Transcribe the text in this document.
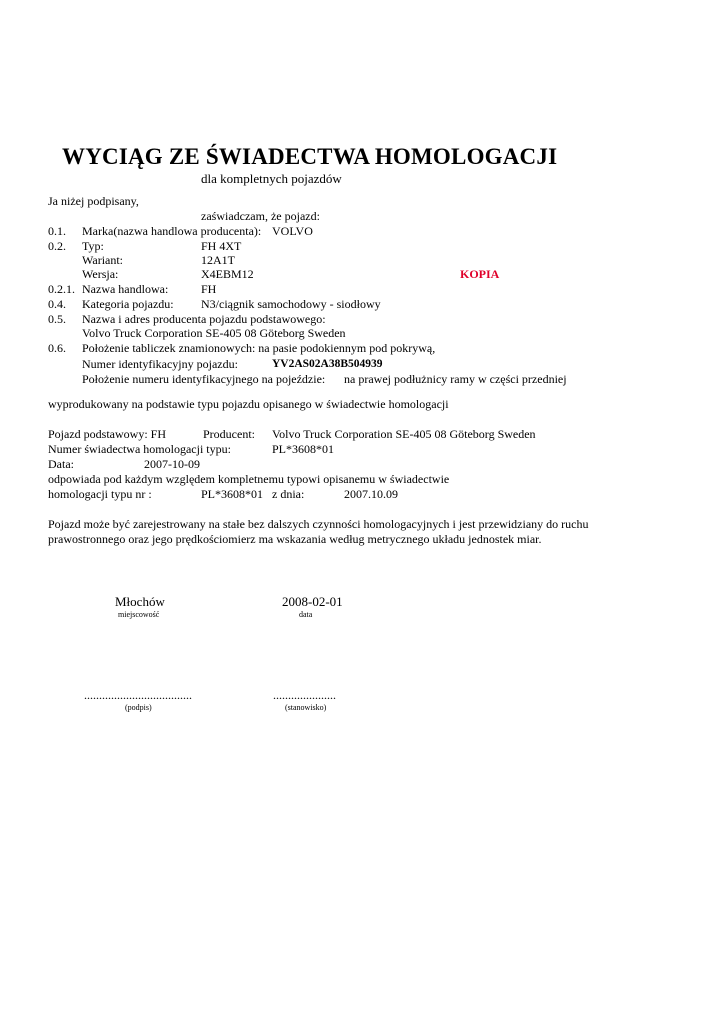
WYCIĄG ZE ŚWIADECTWA HOMOLOGACJI
dla kompletnych pojazdów
Ja niżej podpisany,
zaświadczam, że pojazd:
0.1. Marka(nazwa handlowa producenta): VOLVO
0.2. Typ:	FH 4XT
Wariant:	12A1T
Wersja:	X4EBM12	KOPIA
0.2.1. Nazwa handlowa:	FH
0.4. Kategoria pojazdu: N3/ciągnik samochodowy - siodłowy
0.5. Nazwa i adres producenta pojazdu podstawowego:
Volvo Truck Corporation SE-405 08 Göteborg Sweden
0.6. Położenie tabliczek znamionowych: na pasie podokiennym pod pokrywą,
Numer identyfikacyjny pojazdu:	YV2AS02A38B504939
Położenie numeru identyfikacyjnego na pojeździe: na prawej podłużnicy ramy w części przedniej
wyprodukowany na podstawie typu pojazdu opisanego w świadectwie homologacji
Pojazd podstawowy: FH	Producent: Volvo Truck Corporation SE-405 08 Göteborg Sweden
Numer świadectwa homologacji typu:	PL*3608*01
Data:	2007-10-09
odpowiada pod każdym względem kompletnemu typowi opisanemu w świadectwie
homologacji typu nr :	PL*3608*01 z dnia:	2007.10.09
Pojazd może być zarejestrowany na stałe bez dalszych czynności homologacyjnych i jest przewidziany do ruchu
prawostronnego oraz jego prędkościomierz ma wskazania według metrycznego układu jednostek miar.
Młochów
miejscowość
2008-02-01
data
....................................
(podpis)
.....................
(stanowisko)
